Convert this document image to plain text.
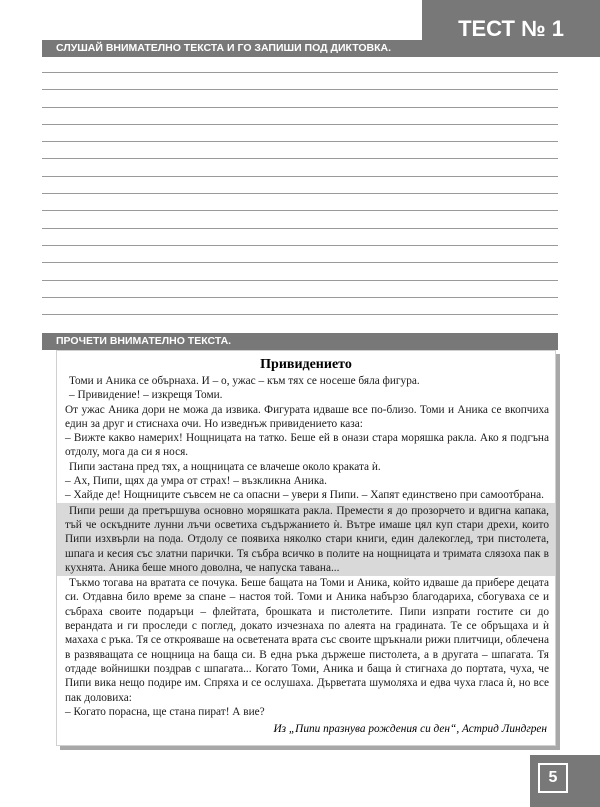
ТЕСТ № 1
СЛУШАЙ ВНИМАТЕЛНО ТЕКСТА И ГО ЗАПИШИ ПОД ДИКТОВКА.
ПРОЧЕТИ ВНИМАТЕЛНО ТЕКСТА.
Привидението
Томи и Аника се обърнаха. И – о, ужас – към тях се носеше бяла фигура.
– Привидение! – изкрещя Томи.
От ужас Аника дори не можа да извика. Фигурата идваше все по-близо. Томи и Аника се вкопчиха един за друг и стиснаха очи. Но изведнъж привидението каза:
– Вижте какво намерих! Нощницата на татко. Беше ей в онази стара моряшка ракла. Ако я подгъна отдолу, мога да си я нося.
Пипи застана пред тях, а нощницата се влачеше около краката ѝ.
– Ах, Пипи, щях да умра от страх! – възкликна Аника.
– Хайде де! Нощниците съвсем не са опасни – увери я Пипи. – Хапят единствено при самоотбрана.
Пипи реши да претършува основно моряшката ракла. Премести я до прозорчето и вдигна капака, тъй че оскъдните лунни лъчи осветиха съдържанието ѝ. Вътре имаше цял куп стари дрехи, които Пипи изхвърли на пода. Отдолу се появиха няколко стари книги, един далекоглед, три пистолета, шпага и кесия със златни парички. Тя събра всичко в полите на нощницата и тримата слязоха пак в кухнята. Аника беше много доволна, че напуска тавана...
Тъкмо тогава на вратата се почука. Беше бащата на Томи и Аника, който идваше да прибере децата си. Отдавна било време за спане – настоя той. Томи и Аника набързо благодариха, сбогуваха се и събраха своите подаръци – флейтата, брошката и пистолетите. Пипи изпрати гостите си до верандата и ги проследи с поглед, докато изчезнаха по алеята на градината. Те се обръщаха и ѝ махаха с ръка. Тя се открояваше на осветената врата със своите щръкнали рижи плитчици, облечена в развяващата се нощница на баща си. В една ръка държеше пистолета, а в другата – шпагата. Тя отдаде войнишки поздрав с шпагата... Когато Томи, Аника и баща ѝ стигнаха до портата, чуха, че Пипи вика нещо подире им. Спряха и се ослушаха. Дърветата шумоляха и едва чуха гласа ѝ, но все пак доловиха:
– Когато порасна, ще стана пират! А вие?
Из „Пипи празнува рождения си ден“, Астрид Линдгрен
5
